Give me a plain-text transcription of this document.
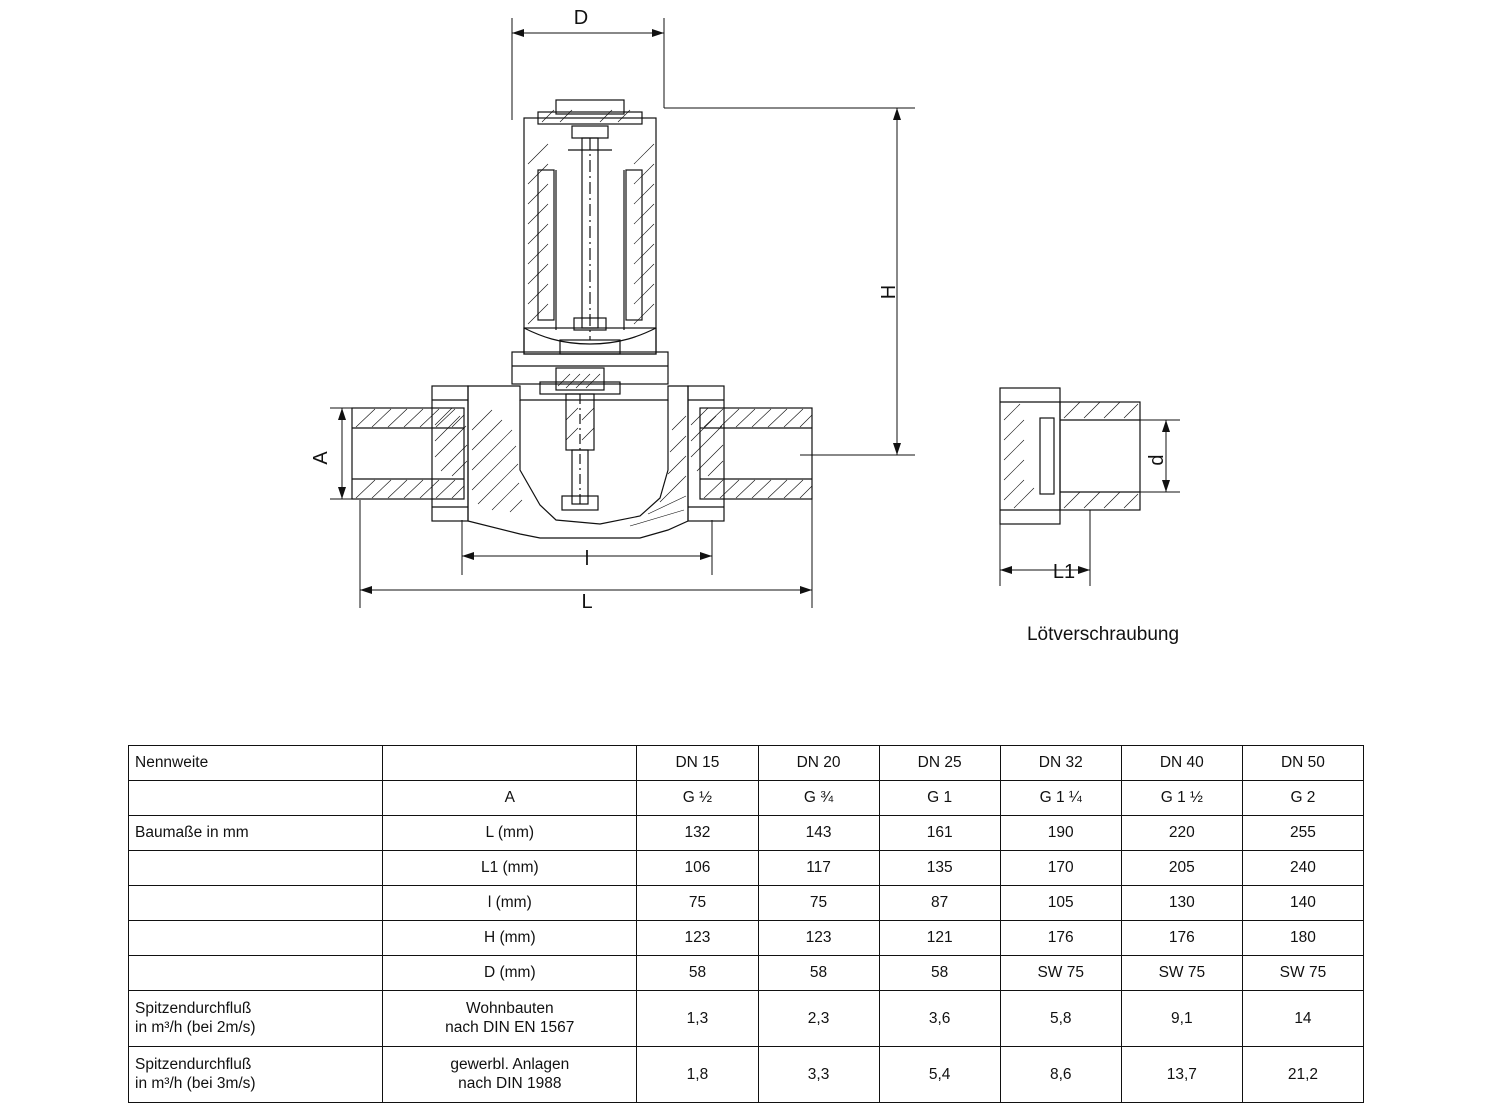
D
H
A
l
L
d
L1
Lötverschraubung
Nennweite		DN 15	DN 20	DN 25	DN 32	DN 40	DN 50
	A	G ½	G ¾	G 1	G 1 ¼	G 1 ½	G 2
Baumaße in mm	L (mm)	132	143	161	190	220	255
	L1 (mm)	106	117	135	170	205	240
	l (mm)	75	75	87	105	130	140
	H (mm)	123	123	121	176	176	180
	D (mm)	58	58	58	SW 75	SW 75	SW 75

Spitzendurchfluß
in m³/h (bei 2m/s)

Wohnbauten
nach DIN EN 1567
	1,3	2,3	3,6	5,8	9,1	14

Spitzendurchfluß
in m³/h (bei 3m/s)

gewerbl. Anlagen
nach DIN 1988
	1,8	3,3	5,4	8,6	13,7	21,2
